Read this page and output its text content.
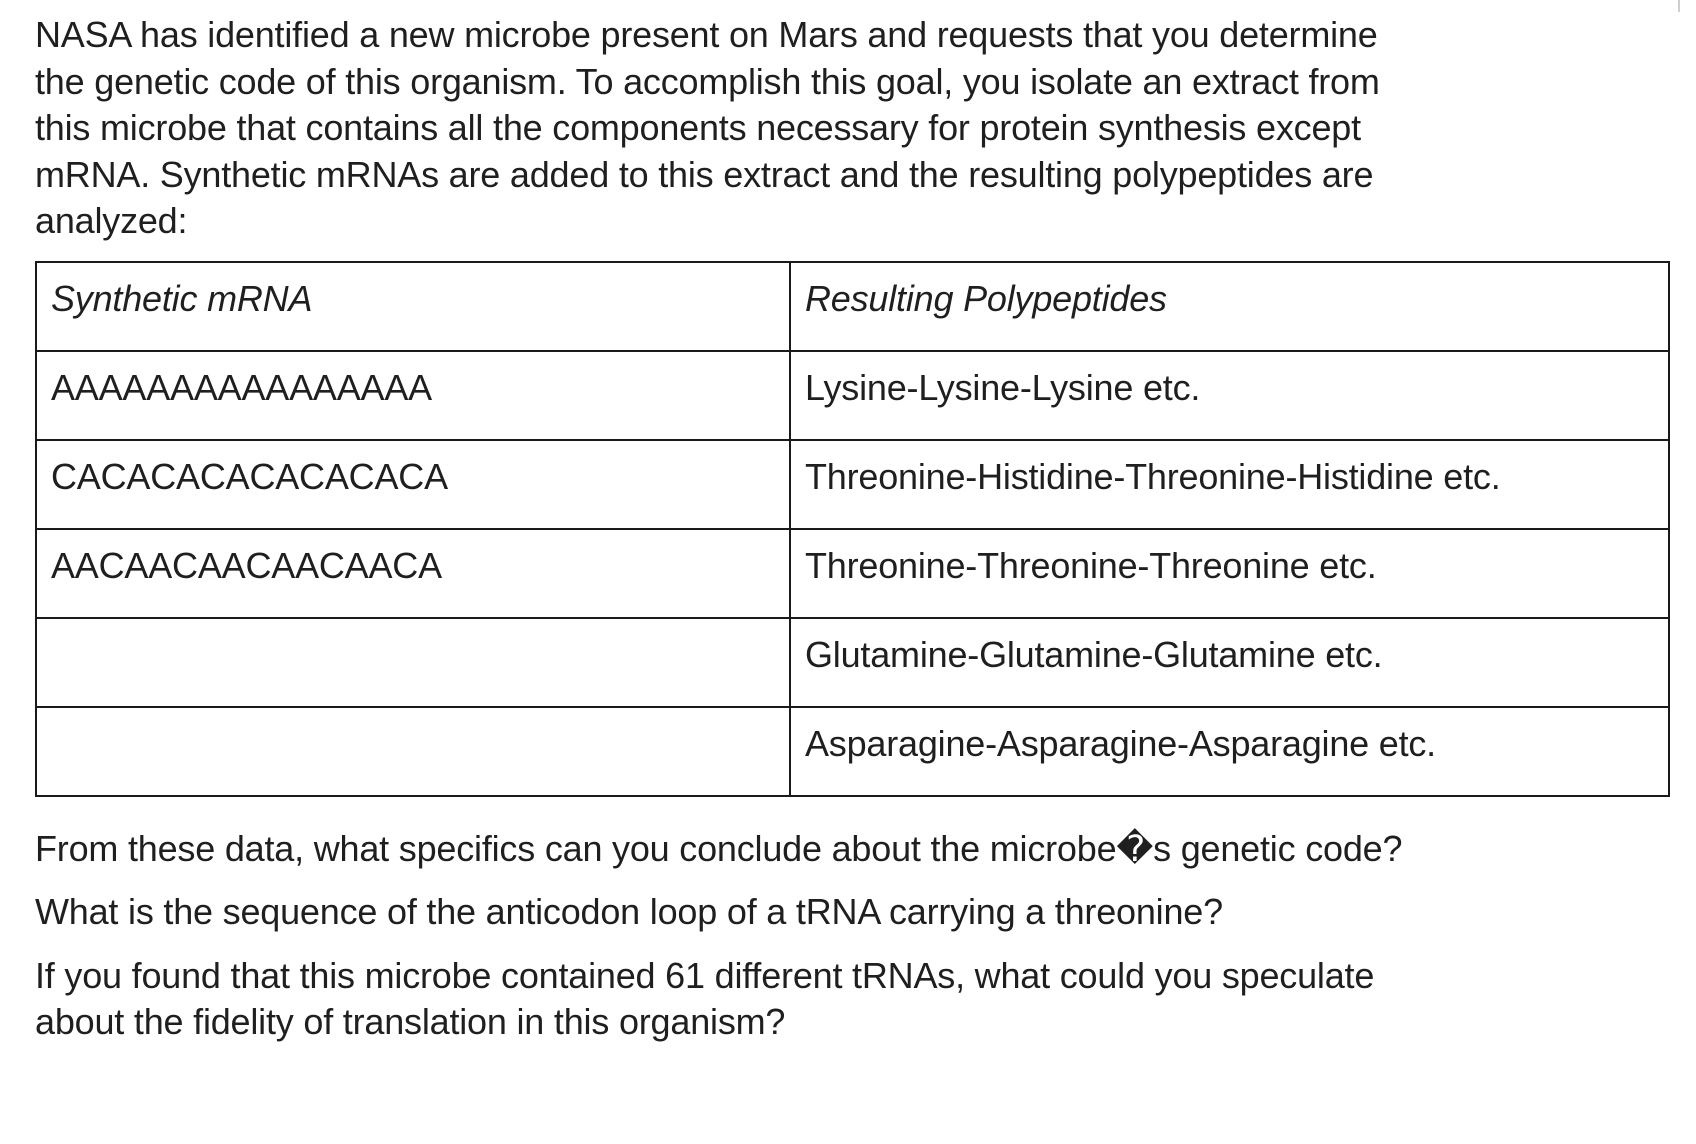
NASA has identified a new microbe present on Mars and requests that you determine the genetic code of this organism. To accomplish this goal, you isolate an extract from this microbe that contains all the components necessary for protein synthesis except mRNA. Synthetic mRNAs are added to this extract and the resulting polypeptides are analyzed:

Synthetic mRNA	Resulting Polypeptides

AAAAAAAAAAAAAAAA	Lysine-Lysine-Lysine etc.

CACACACACACACACA	Threonine-Histidine-Threonine-Histidine etc.

AACAACAACAACAACA	Threonine-Threonine-Threonine etc.

	Glutamine-Glutamine-Glutamine etc.

	Asparagine-Asparagine-Asparagine etc.

From these data, what specifics can you conclude about the microbe�s genetic code?

What is the sequence of the anticodon loop of a tRNA carrying a threonine?

If you found that this microbe contained 61 different tRNAs, what could you speculate about the fidelity of translation in this organism?
